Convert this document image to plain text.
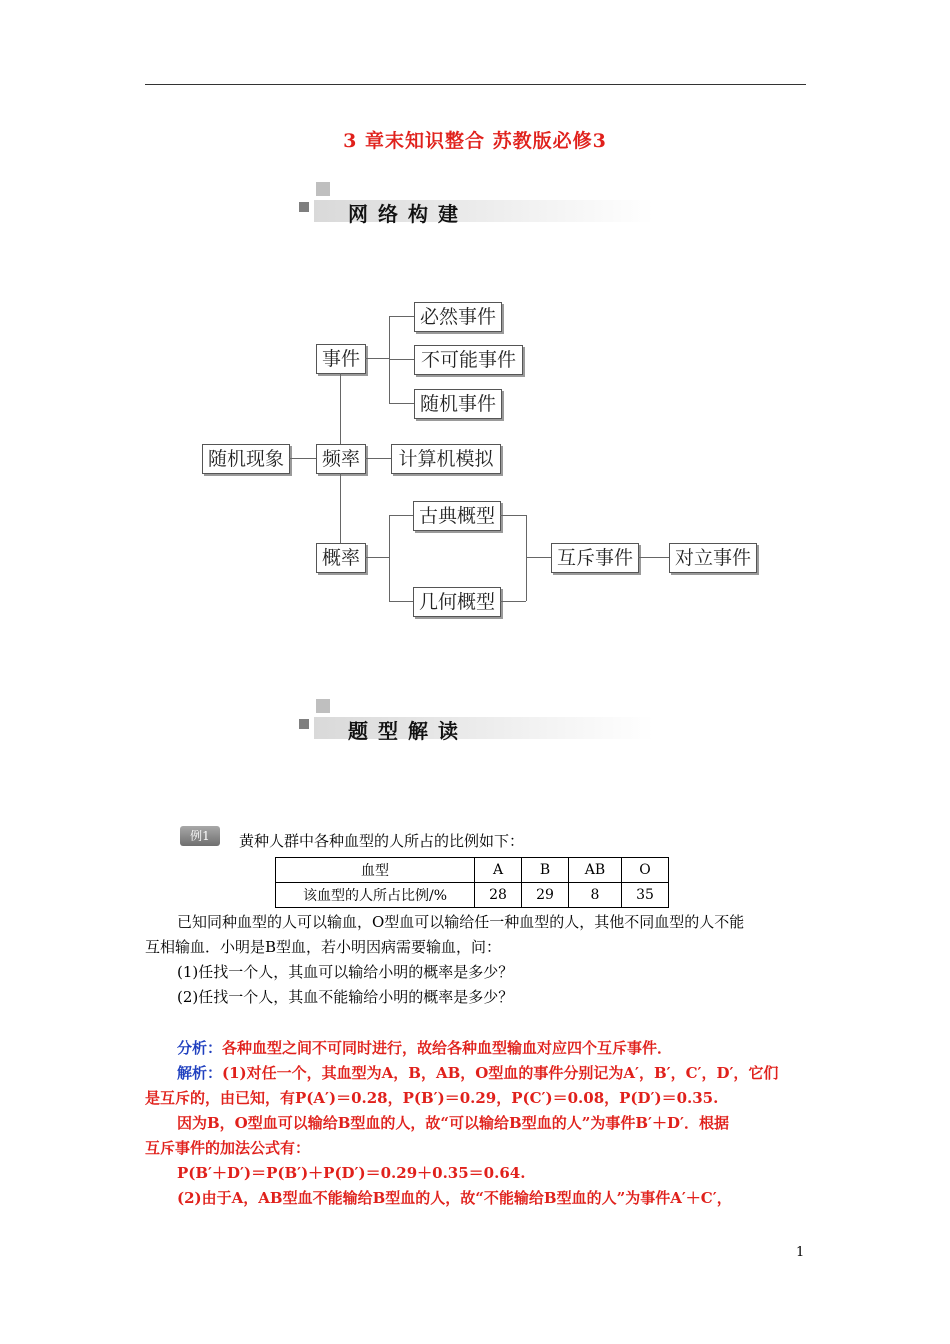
3 章末知识整合 苏教版必修3
网络构建
随机现象
事件
频率
概率
必然事件
不可能事件
随机事件
计算机模拟
古典概型
几何概型
互斥事件	对立事件
题型解读
例1	黄种人群中各种血型的人所占的比例如下：
血型	A	B	AB	O
该血型的人所占比例/%	28	29	8	35
已知同种血型的人可以输血，O型血可以输给任一种血型的人，其他不同血型的人不能
互相输血．小明是B型血，若小明因病需要输血，问：
(1)任找一个人，其血可以输给小明的概率是多少？
(2)任找一个人，其血不能输给小明的概率是多少？
分析：各种血型之间不可同时进行，故给各种血型输血对应四个互斥事件．
解析：(1)对任一个，其血型为A，B，AB，O型血的事件分别记为A′，B′，C′，D′，它们
是互斥的，由已知，有P(A′)＝0.28，P(B′)＝0.29，P(C′)＝0.08，P(D′)＝0.35.
因为B，O型血可以输给B型血的人，故“可以输给B型血的人”为事件B′＋D′．根据
互斥事件的加法公式有：
P(B′＋D′)＝P(B′)＋P(D′)＝0.29＋0.35＝0.64.
(2)由于A，AB型血不能输给B型血的人，故“不能输给B型血的人”为事件A′＋C′，
1
